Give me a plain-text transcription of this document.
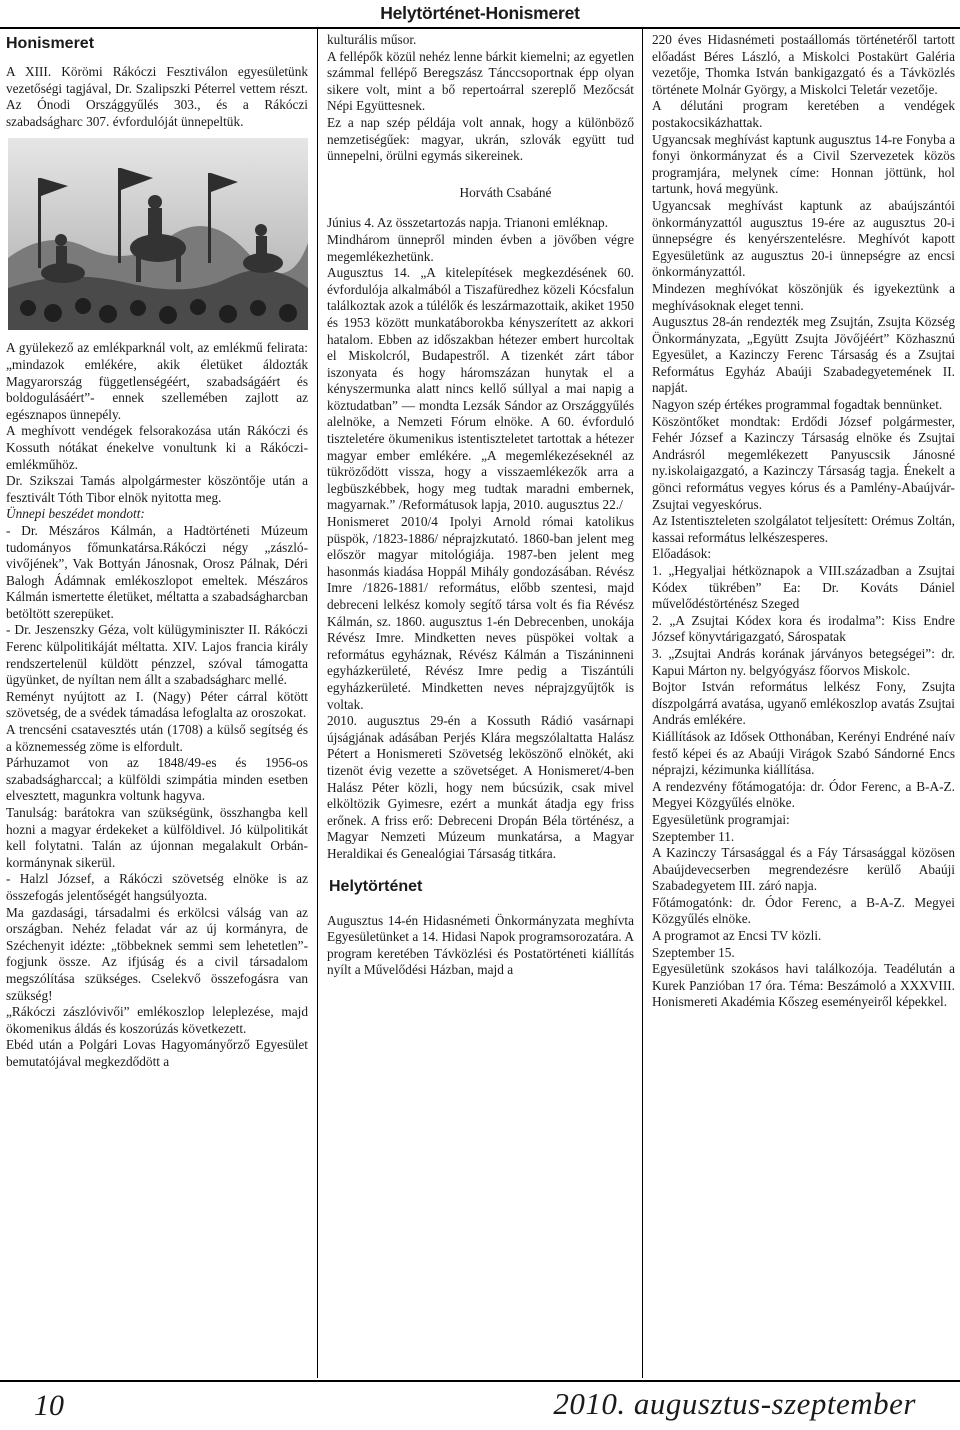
Helytörténet-Honismeret

Honismeret

A XIII. Körömi Rákóczi Fesztiválon egyesületünk vezetőségi tagjával, Dr. Szalipszki Péterrel vettem részt. Az Ónodi Országgyűlés 303., és a Rákóczi szabadságharc 307. évfordulóját ünnepeltük.

A gyülekező az emlékparknál volt, az emlékmű felirata: „mindazok emlékére, akik életüket áldozták Magyarország függetlenségéért, szabadságáért és boldogulásáért”- ennek szellemében zajlott az egésznapos ünnepély.

A meghívott vendégek felsorakozása után Rákóczi és Kossuth nótákat énekelve vonultunk ki a Rákóczi-emlékműhöz.

Dr. Szikszai Tamás alpolgármester köszöntője után a fesztivált Tóth Tibor elnök nyitotta meg.

Ünnepi beszédet mondott:

- Dr. Mészáros Kálmán, a Hadtörténeti Múzeum tudományos főmunkatársa.Rákóczi négy „zászló-vivőjének”, Vak Bottyán Jánosnak, Orosz Pálnak, Déri Balogh Ádámnak emlékoszlopot emeltek. Mészáros Kálmán ismertette életüket, méltatta a szabadságharcban betöltött szerepüket.

- Dr. Jeszenszky Géza, volt külügyminiszter II. Rákóczi Ferenc külpolitikáját méltatta. XIV. Lajos francia király rendszertelenül küldött pénzzel, szóval támogatta ügyünket, de nyíltan nem állt a szabadságharc mellé.

Reményt nyújtott az I. (Nagy) Péter cárral kötött szövetség, de a svédek támadása lefoglalta az oroszokat.

A trencséni csatavesztés után (1708) a külső segítség és a köznemesség zöme is elfordult.

Párhuzamot von az 1848/49-es és 1956-os szabadságharccal; a külföldi szimpátia minden esetben elvesztett, magunkra voltunk hagyva.

Tanulság: barátokra van szükségünk, összhangba kell hozni a magyar érdekeket a külföldivel. Jó külpolitikát kell folytatni. Talán az újonnan megalakult Orbán-kormánynak sikerül.

- Halzl József, a Rákóczi szövetség elnöke is az összefogás jelentőségét hangsúlyozta.

Ma gazdasági, társadalmi és erkölcsi válság van az országban. Nehéz feladat vár az új kormányra, de Széchenyit idézte: „többeknek semmi sem lehetetlen”- fogjunk össze. Az ifjúság és a civil társadalom megszólítása szükséges. Cselekvő összefogásra van szükség!

„Rákóczi zászlóvivői” emlékoszlop leleplezése, majd ökomenikus áldás és koszorúzás következett.

Ebéd után a Polgári Lovas Hagyományőrző Egyesület bemutatójával megkezdődött a

kulturális műsor.

A fellépők közül nehéz lenne bárkit kiemelni; az egyetlen számmal fellépő Beregszász Tánccsoportnak épp olyan sikere volt, mint a bő repertoárral szereplő Mezőcsát Népi Együttesnek.

Ez a nap szép példája volt annak, hogy a különböző nemzetiségűek: magyar, ukrán, szlovák együtt tud ünnepelni, örülni egymás sikereinek.

Horváth Csabáné

Június 4. Az összetartozás napja. Trianoni emléknap.

Mindhárom ünnepről minden évben a jövőben végre megemlékezhetünk.

Augusztus 14. „A kitelepítések megkezdésének 60. évfordulója alkalmából a Tiszafüredhez közeli Kócsfalun találkoztak azok a túlélők és leszármazottaik, akiket 1950 és 1953 között munkatáborokba kényszerített az akkori hatalom. Ebben az időszakban hétezer embert hurcoltak el Miskolcról, Budapestről. A tizenkét zárt tábor iszonyata és hogy háromszázan hunytak el a kényszermunka alatt nincs kellő súllyal a mai napig a köztudatban” ― mondta Lezsák Sándor az Országgyűlés alelnöke, a Nemzeti Fórum elnöke. A 60. évforduló tiszteletére ökumenikus istentiszteletet tartottak a hétezer magyar ember emlékére. „A megemlékezéseknél az tükröződött vissza, hogy a visszaemlékezők arra a legbüszkébbek, hogy meg tudtak maradni embernek, magyarnak.” /Reformátusok lapja, 2010. augusztus 22./

Honismeret 2010/4 Ipolyi Arnold római katolikus püspök, /1823-1886/ néprajzkutató. 1860-ban jelent meg először magyar mitológiája. 1987-ben jelent meg hasonmás kiadása Hoppál Mihály gondozásában. Révész Imre /1826-1881/ református, előbb szentesi, majd debreceni lelkész komoly segítő társa volt és fia Révész Kálmán, sz. 1860. augusztus 1-én Debrecenben, unokája Révész Imre. Mindketten neves püspökei voltak a református egyháznak, Révész Kálmán a Tiszáninneni egyházkerületé, Révész Imre pedig a Tiszántúli egyházkerületé. Mindketten neves néprajzgyűjtők is voltak.

2010. augusztus 29-én a Kossuth Rádió vasárnapi újságjának adásában Perjés Klára megszólaltatta Halász Pétert a Honismereti Szövetség leköszönő elnökét, aki tizenöt évig vezette a szövetséget. A Honismeret/4-ben Halász Péter közli, hogy nem búcsúzik, csak mivel elköltözik Gyimesre, ezért a munkát átadja egy friss erőnek. A friss erő: Debreceni Dropán Béla történész, a Magyar Nemzeti Múzeum munkatársa, a Magyar Heraldikai és Genealógiai Társaság titkára.

Helytörténet

Augusztus 14-én Hidasnémeti Önkormányzata meghívta Egyesületünket a 14. Hidasi Napok programsorozatára. A program keretében Távközlési és Postatörténeti kiállítás nyílt a Művelődési Házban, majd a

220 éves Hidasnémeti postaállomás történetéről tartott előadást Béres László, a Miskolci Postakürt Galéria vezetője, Thomka István bankigazgató és a Távközlés története Molnár György, a Miskolci Teletár vezetője.

A délutáni program keretében a vendégek postakocsikázhattak.

Ugyancsak meghívást kaptunk augusztus 14-re Fonyba a fonyi önkormányzat és a Civil Szervezetek közös programjára, melynek címe: Honnan jöttünk, hol tartunk, hová megyünk.

Ugyancsak meghívást kaptunk az abaújszántói önkormányzattól augusztus 19-ére az augusztus 20-i ünnepségre és kenyérszentelésre. Meghívót kapott Egyesületünk az augusztus 20-i ünnepségre az encsi önkormányzattól.

Mindezen meghívókat köszönjük és igyekeztünk a meghívásoknak eleget tenni.

Augusztus 28-án rendezték meg Zsujtán, Zsujta Község Önkormányzata, „Együtt Zsujta Jövőjéért” Közhasznú Egyesület, a Kazinczy Ferenc Társaság és a Zsujtai Református Egyház Abaúji Szabadegyetemének II. napját.

Nagyon szép értékes programmal fogadtak bennünket.

Köszöntőket mondtak: Erdődi József polgármester, Fehér József a Kazinczy Társaság elnöke és Zsujtai Andrásról megemlékezett Panyuscsik Jánosné ny.iskolaigazgató, a Kazinczy Társaság tagja. Énekelt a gönci református vegyes kórus és a Pamlény-Abaújvár-Zsujtai vegyeskórus.

Az Istentiszteleten szolgálatot teljesített: Orémus Zoltán, kassai református lelkészesperes.

Előadások:

1. „Hegyaljai hétköznapok a VIII.században a Zsujtai Kódex tükrében” Ea: Dr. Kováts Dániel művelődéstörténész Szeged

2. „A Zsujtai Kódex kora és irodalma”: Kiss Endre József könyvtárigazgató, Sárospatak

3. „Zsujtai András korának járványos betegségei”: dr. Kapui Márton ny. belgyógyász főorvos Miskolc.

Bojtor István református lelkész Fony, Zsujta díszpolgárrá avatása, ugyanő emlékoszlop avatás Zsujtai András emlékére.

Kiállítások az Idősek Otthonában, Kerényi Endréné naív festő képei és az Abaúji Virágok Szabó Sándorné Encs néprajzi, kézimunka kiállítása.

A rendezvény főtámogatója: dr. Ódor Ferenc, a B-A-Z. Megyei Közgyűlés elnöke.

Egyesületünk programjai:

Szeptember 11.

A Kazinczy Társasággal és a Fáy Társasággal közösen Abaújdevecserben megrendezésre kerülő Abaúji Szabadegyetem III. záró napja.

Főtámogatónk: dr. Ódor Ferenc, a B-A-Z. Megyei Közgyűlés elnöke.

A programot az Encsi TV közli.

Szeptember 15.

Egyesületünk szokásos havi találkozója. Teadélután a Kurek Panzióban 17 óra. Téma: Beszámoló a XXXVIII. Honismereti Akadémia Kőszeg eseményeiről képekkel.

10	2010. augusztus-szeptember
